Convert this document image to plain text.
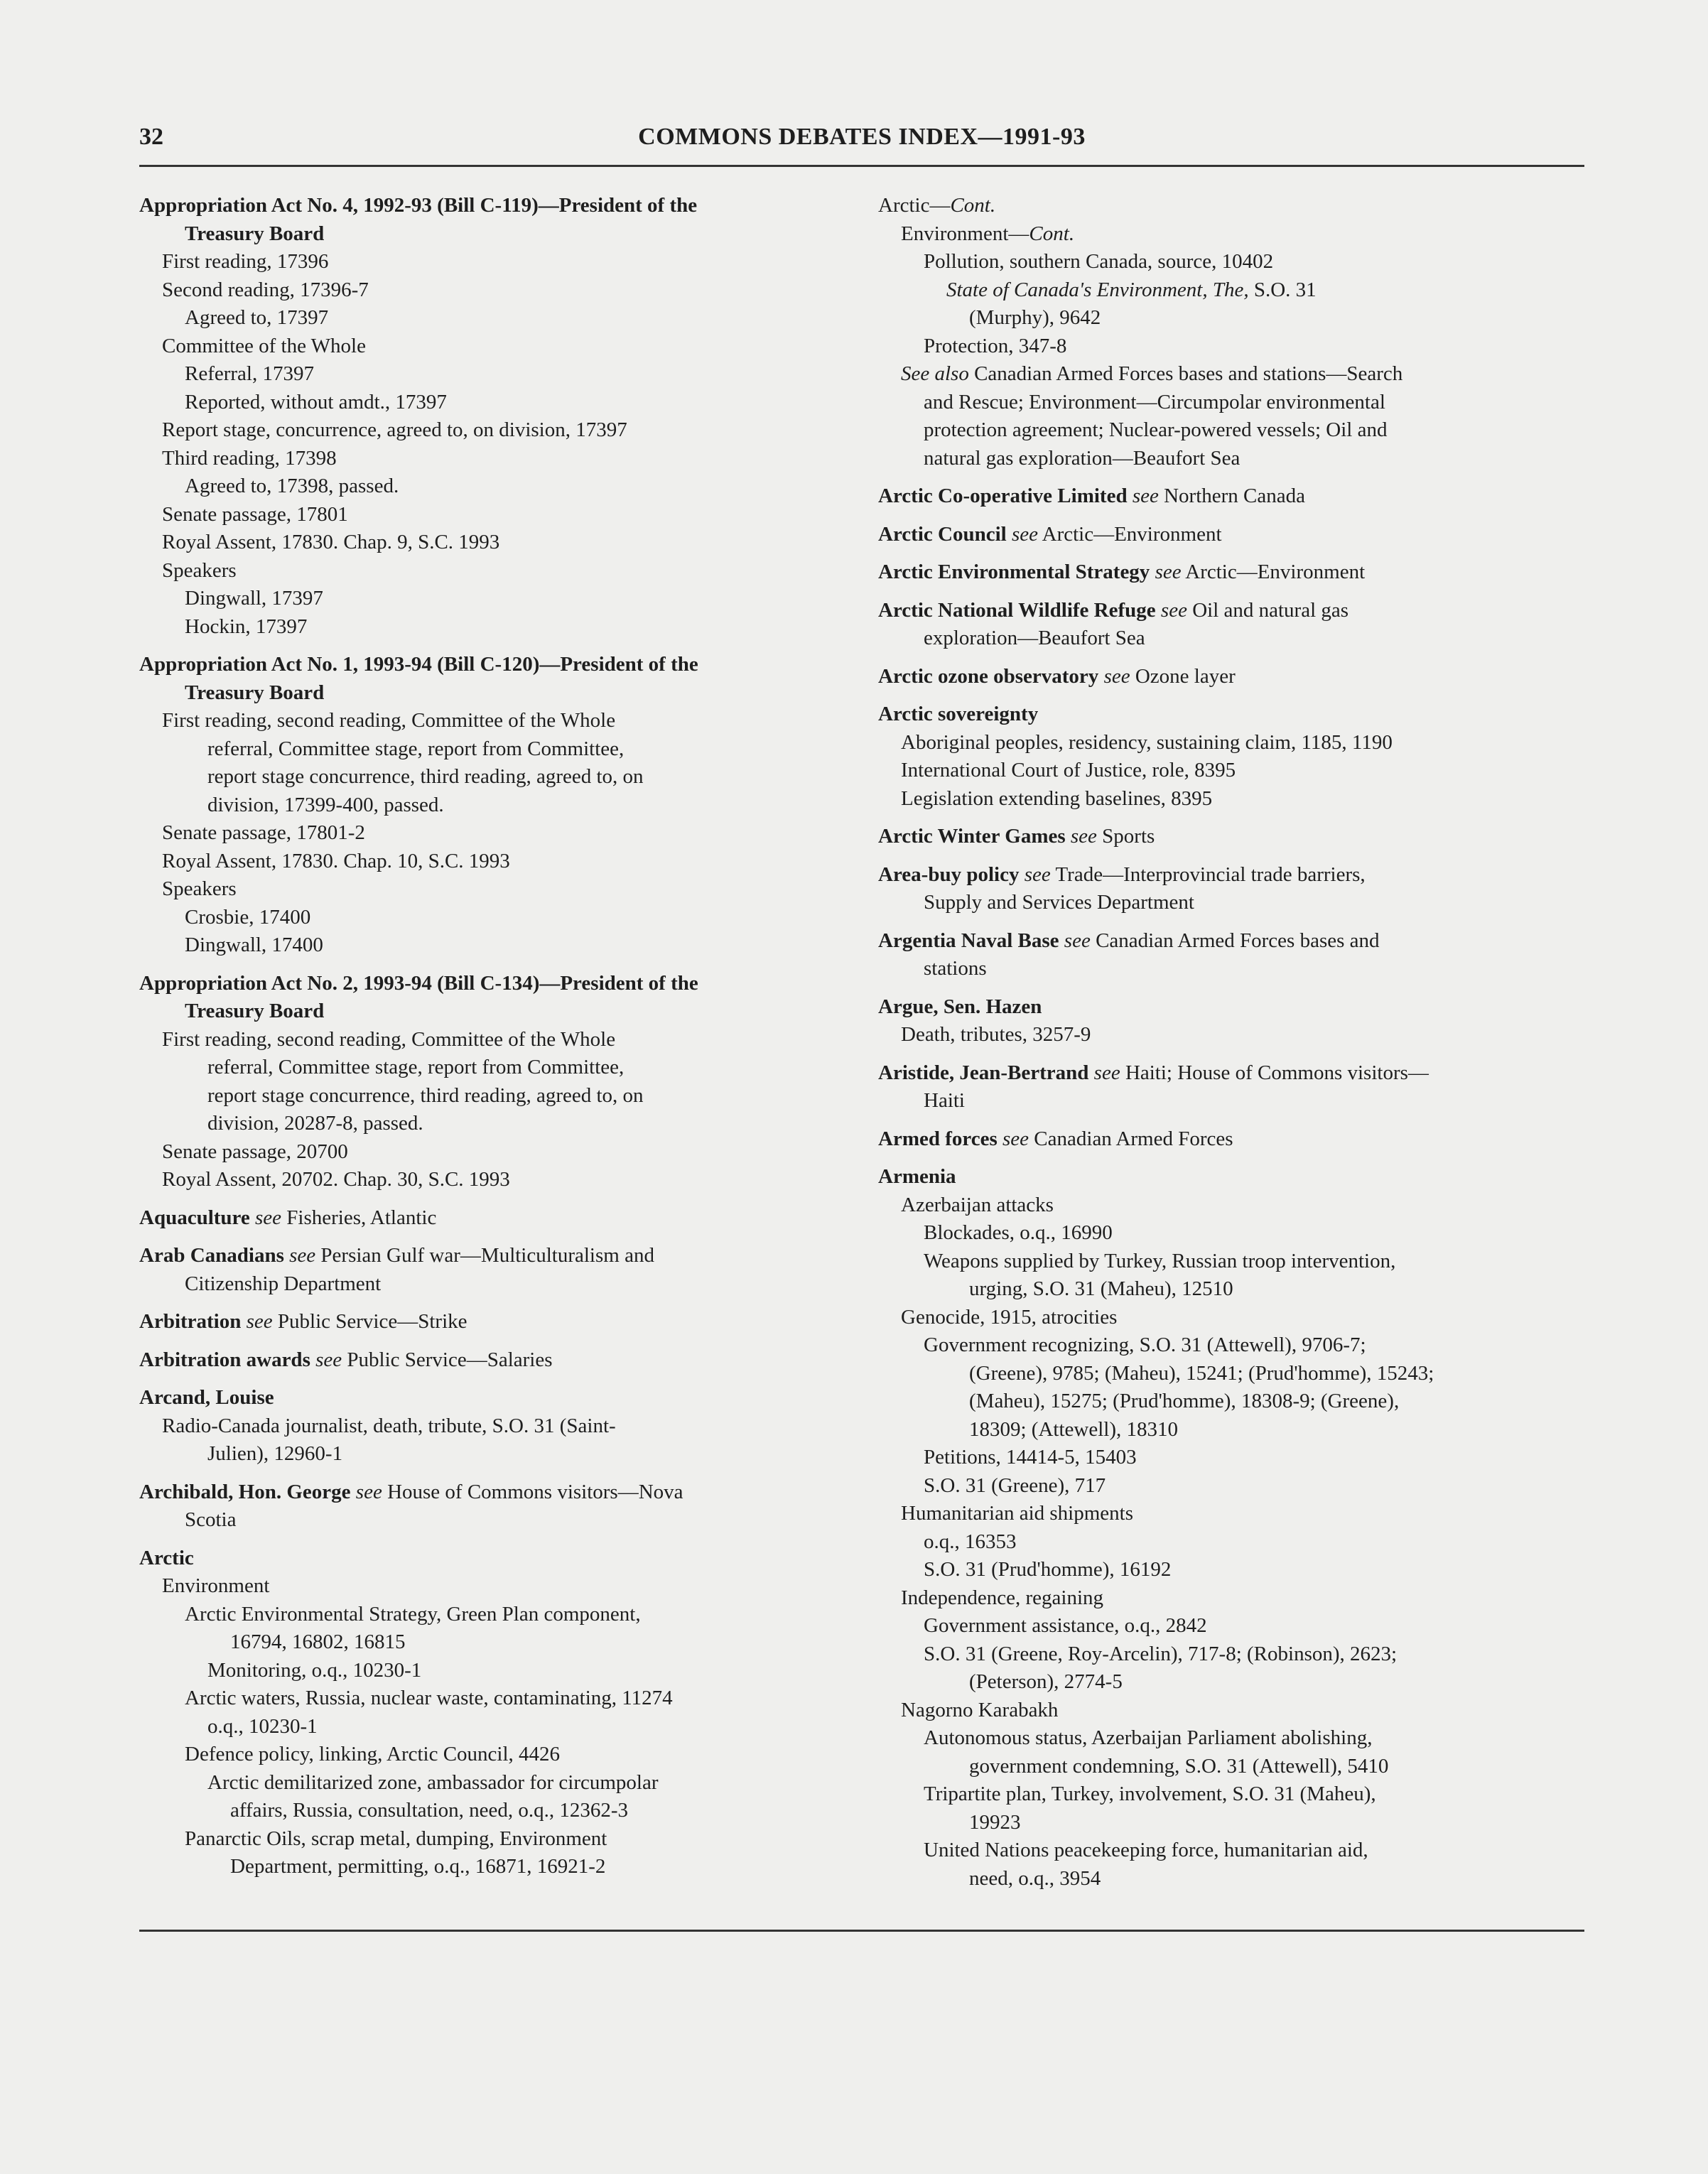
32	COMMONS DEBATES INDEX—1991-93
Appropriation Act No. 4, 1992-93 (Bill C-119)—President of the
Treasury Board
First reading, 17396
Second reading, 17396-7
Agreed to, 17397
Committee of the Whole
Referral, 17397
Reported, without amdt., 17397
Report stage, concurrence, agreed to, on division, 17397
Third reading, 17398
Agreed to, 17398, passed.
Senate passage, 17801
Royal Assent, 17830. Chap. 9, S.C. 1993
Speakers
Dingwall, 17397
Hockin, 17397
Appropriation Act No. 1, 1993-94 (Bill C-120)—President of the
Treasury Board
First reading, second reading, Committee of the Whole
referral, Committee stage, report from Committee,
report stage concurrence, third reading, agreed to, on
division, 17399-400, passed.
Senate passage, 17801-2
Royal Assent, 17830. Chap. 10, S.C. 1993
Speakers
Crosbie, 17400
Dingwall, 17400
Appropriation Act No. 2, 1993-94 (Bill C-134)—President of the
Treasury Board
First reading, second reading, Committee of the Whole
referral, Committee stage, report from Committee,
report stage concurrence, third reading, agreed to, on
division, 20287-8, passed.
Senate passage, 20700
Royal Assent, 20702. Chap. 30, S.C. 1993
Aquaculture see Fisheries, Atlantic
Arab Canadians see Persian Gulf war—Multiculturalism and
Citizenship Department
Arbitration see Public Service—Strike
Arbitration awards see Public Service—Salaries
Arcand, Louise
Radio-Canada journalist, death, tribute, S.O. 31 (Saint-
Julien), 12960-1
Archibald, Hon. George see House of Commons visitors—Nova
Scotia
Arctic
Environment
Arctic Environmental Strategy, Green Plan component,
16794, 16802, 16815
Monitoring, o.q., 10230-1
Arctic waters, Russia, nuclear waste, contaminating, 11274
o.q., 10230-1
Defence policy, linking, Arctic Council, 4426
Arctic demilitarized zone, ambassador for circumpolar
affairs, Russia, consultation, need, o.q., 12362-3
Panarctic Oils, scrap metal, dumping, Environment
Department, permitting, o.q., 16871, 16921-2
Arctic—Cont.
Environment—Cont.
Pollution, southern Canada, source, 10402
State of Canada's Environment, The, S.O. 31
(Murphy), 9642
Protection, 347-8
See also Canadian Armed Forces bases and stations—Search
and Rescue; Environment—Circumpolar environmental
protection agreement; Nuclear-powered vessels; Oil and
natural gas exploration—Beaufort Sea
Arctic Co-operative Limited see Northern Canada
Arctic Council see Arctic—Environment
Arctic Environmental Strategy see Arctic—Environment
Arctic National Wildlife Refuge see Oil and natural gas
exploration—Beaufort Sea
Arctic ozone observatory see Ozone layer
Arctic sovereignty
Aboriginal peoples, residency, sustaining claim, 1185, 1190
International Court of Justice, role, 8395
Legislation extending baselines, 8395
Arctic Winter Games see Sports
Area-buy policy see Trade—Interprovincial trade barriers,
Supply and Services Department
Argentia Naval Base see Canadian Armed Forces bases and
stations
Argue, Sen. Hazen
Death, tributes, 3257-9
Aristide, Jean-Bertrand see Haiti; House of Commons visitors—
Haiti
Armed forces see Canadian Armed Forces
Armenia
Azerbaijan attacks
Blockades, o.q., 16990
Weapons supplied by Turkey, Russian troop intervention,
urging, S.O. 31 (Maheu), 12510
Genocide, 1915, atrocities
Government recognizing, S.O. 31 (Attewell), 9706-7;
(Greene), 9785; (Maheu), 15241; (Prud'homme), 15243;
(Maheu), 15275; (Prud'homme), 18308-9; (Greene),
18309; (Attewell), 18310
Petitions, 14414-5, 15403
S.O. 31 (Greene), 717
Humanitarian aid shipments
o.q., 16353
S.O. 31 (Prud'homme), 16192
Independence, regaining
Government assistance, o.q., 2842
S.O. 31 (Greene, Roy-Arcelin), 717-8; (Robinson), 2623;
(Peterson), 2774-5
Nagorno Karabakh
Autonomous status, Azerbaijan Parliament abolishing,
government condemning, S.O. 31 (Attewell), 5410
Tripartite plan, Turkey, involvement, S.O. 31 (Maheu),
19923
United Nations peacekeeping force, humanitarian aid,
need, o.q., 3954
